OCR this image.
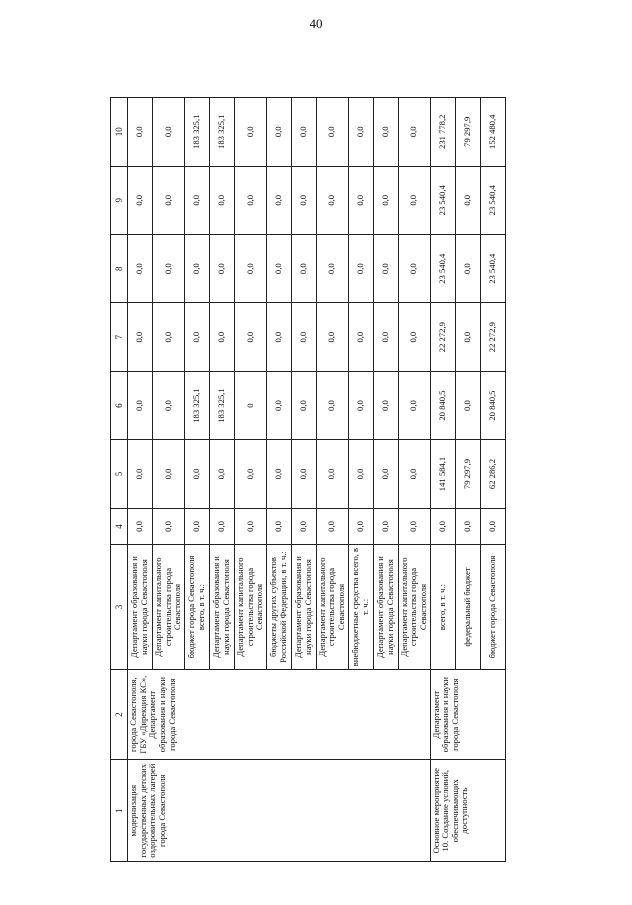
40
1	2	3	4	5	6	7	8	9	10
модернизация государственных детских оздоровительных лагерей города Севастополя	города Севастополя, ГБУ «Дирекция КС», Департамент образования и науки города Севастополя	Департамент образования и науки города Севастополя	0,0	0,0	0,0	0,0	0,0	0,0	0,0
		Департамент капитального строительства города Севастополя	0,0	0,0	0,0	0,0	0,0	0,0	0,0
		бюджет города Севастополя всего, в т. ч.:	0,0	0,0	183 325,1	0,0	0,0	0,0	183 325,1
		Департамент образования и науки города Севастополя	0,0	0,0	183 325,1	0,0	0,0	0,0	183 325,1
		Департамент капитального строительства города Севастополя	0,0	0,0	0	0,0	0,0	0,0	0,0
		бюджеты других субъектов Российской Федерации, в т. ч.:	0,0	0,0	0,0	0,0	0,0	0,0	0,0
		Департамент образования и науки города Севастополя	0,0	0,0	0,0	0,0	0,0	0,0	0,0
		Департамент капитального строительства города Севастополя	0,0	0,0	0,0	0,0	0,0	0,0	0,0
		внебюджетные средства всего, в т. ч.:	0,0	0,0	0,0	0,0	0,0	0,0	0,0
		Департамент образования и науки города Севастополя	0,0	0,0	0,0	0,0	0,0	0,0	0,0
		Департамент капитального строительства города Севастополя	0,0	0,0	0,0	0,0	0,0	0,0	0,0
Основное мероприятие 10. Создание условий, обеспечивающих доступность	Департамент образования и науки города Севастополя	всего, в т. ч.:	0,0	141 584,1	20 840,5	22 272,9	23 540,4	23 540,4	231 778,2
		федеральный бюджет	0,0	79 297,9	0,0	0,0	0,0	0,0	79 297,9
		бюджет города Севастополя	0,0	62 286,2	20 840,5	22 272,9	23 540,4	23 540,4	152 480,4
